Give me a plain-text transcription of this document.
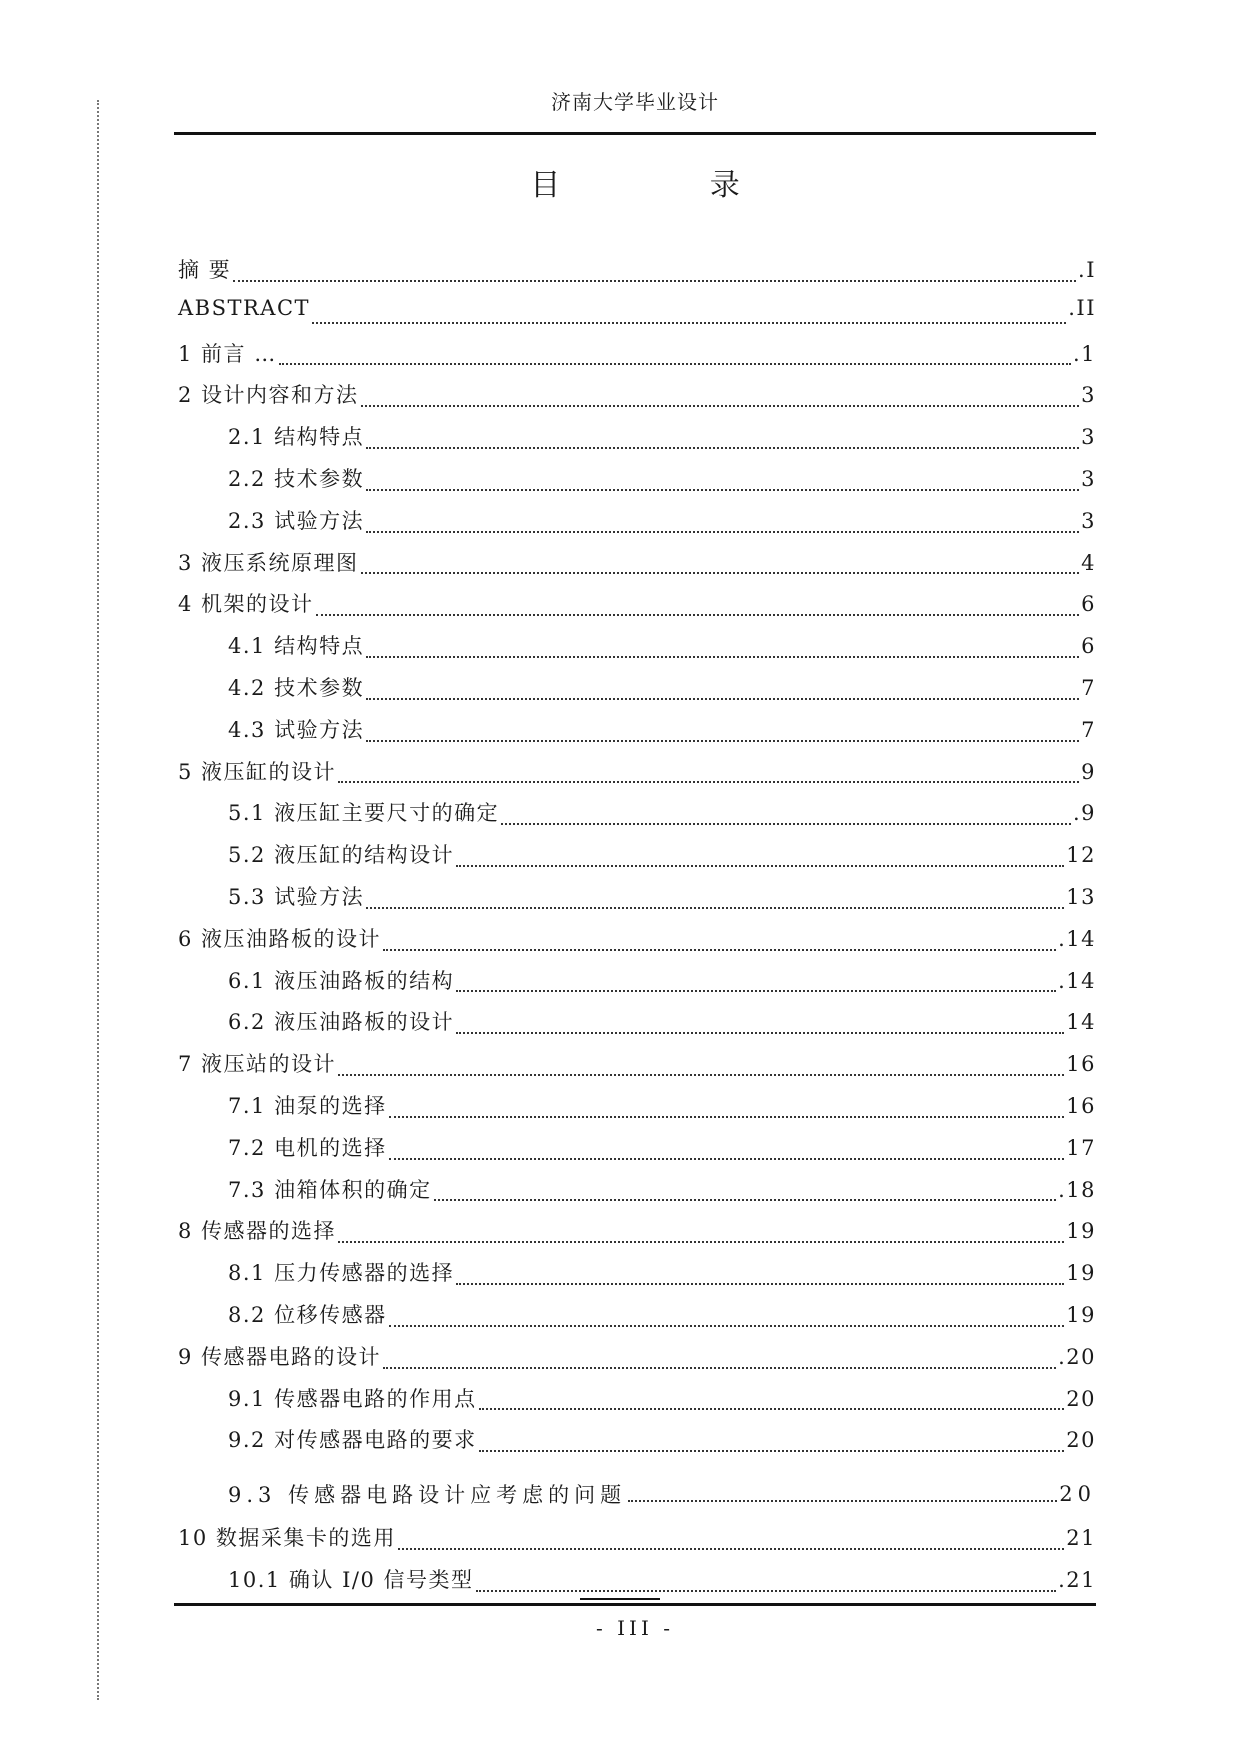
济南大学毕业设计
目 录
摘 要	.I
ABSTRACT	.II
1 前言 …	.1
2 设计内容和方法	3
2.1 结构特点	3
2.2 技术参数	3
2.3 试验方法	3
3 液压系统原理图	4
4 机架的设计	6
4.1 结构特点	6
4.2 技术参数	7
4.3 试验方法	7
5 液压缸的设计	9
5.1 液压缸主要尺寸的确定	.9
5.2 液压缸的结构设计	12
5.3 试验方法	13
6 液压油路板的设计	.14
6.1 液压油路板的结构	.14
6.2 液压油路板的设计	14
7 液压站的设计	16
7.1 油泵的选择	16
7.2 电机的选择	17
7.3 油箱体积的确定	.18
8 传感器的选择	19
8.1 压力传感器的选择	19
8.2 位移传感器	19
9 传感器电路的设计	.20
9.1 传感器电路的作用点	20
9.2 对传感器电路的要求	20
9.3 传感器电路设计应考虑的问题	20
10 数据采集卡的选用	21
10.1 确认 I/0 信号类型	.21
- III -
